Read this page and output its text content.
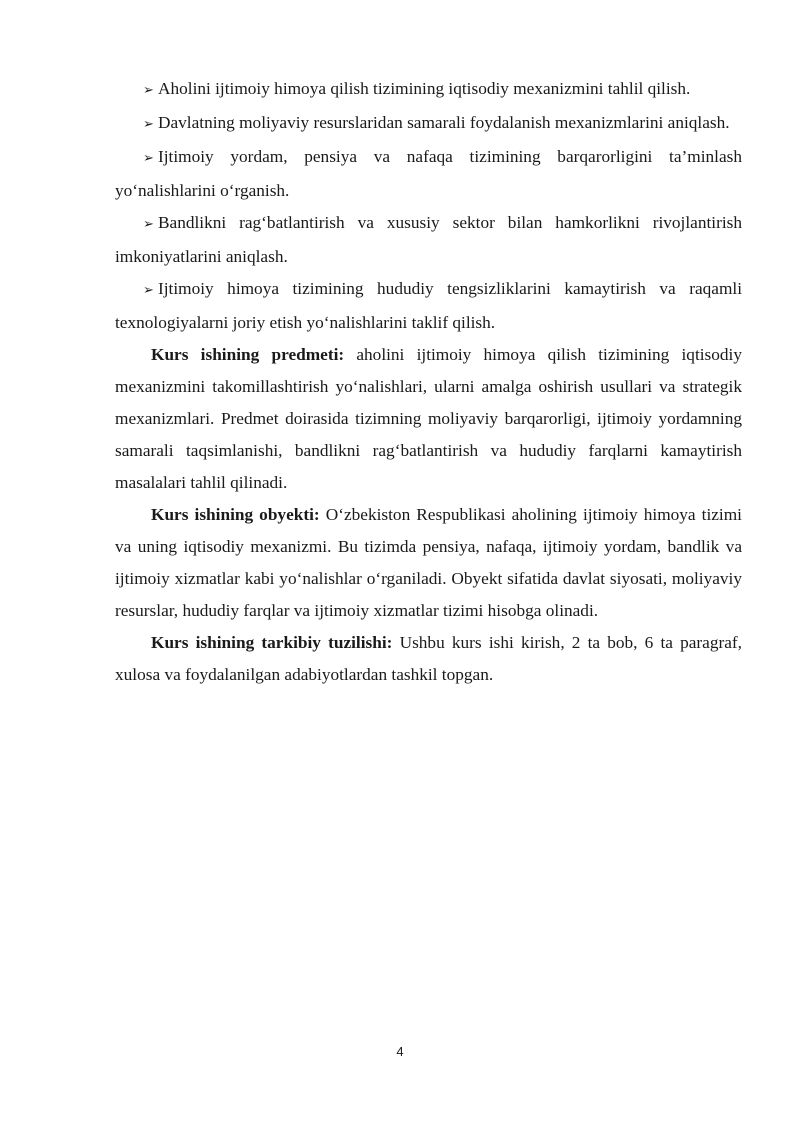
➢ Aholini ijtimoiy himoya qilish tizimining iqtisodiy mexanizmini tahlil qilish.

➢ Davlatning moliyaviy resurslaridan samarali foydalanish mexanizmlarini aniqlash.

➢ Ijtimoiy yordam, pensiya va nafaqa tizimining barqarorligini ta’minlash yo‘nalishlarini o‘rganish.

➢ Bandlikni rag‘batlantirish va xususiy sektor bilan hamkorlikni rivojlantirish imkoniyatlarini aniqlash.

➢ Ijtimoiy himoya tizimining hududiy tengsizliklarini kamaytirish va raqamli texnologiyalarni joriy etish yo‘nalishlarini taklif qilish.

Kurs ishining predmeti: aholini ijtimoiy himoya qilish tizimining iqtisodiy mexanizmini takomillashtirish yo‘nalishlari, ularni amalga oshirish usullari va strategik mexanizmlari. Predmet doirasida tizimning moliyaviy barqarorligi, ijtimoiy yordamning samarali taqsimlanishi, bandlikni rag‘batlantirish va hududiy farqlarni kamaytirish masalalari tahlil qilinadi.

Kurs ishining obyekti: O‘zbekiston Respublikasi aholining ijtimoiy himoya tizimi va uning iqtisodiy mexanizmi. Bu tizimda pensiya, nafaqa, ijtimoiy yordam, bandlik va ijtimoiy xizmatlar kabi yo‘nalishlar o‘rganiladi. Obyekt sifatida davlat siyosati, moliyaviy resurslar, hududiy farqlar va ijtimoiy xizmatlar tizimi hisobga olinadi.

Kurs ishining tarkibiy tuzilishi: Ushbu kurs ishi kirish, 2 ta bob, 6 ta paragraf, xulosa va foydalanilgan adabiyotlardan tashkil topgan.

4
